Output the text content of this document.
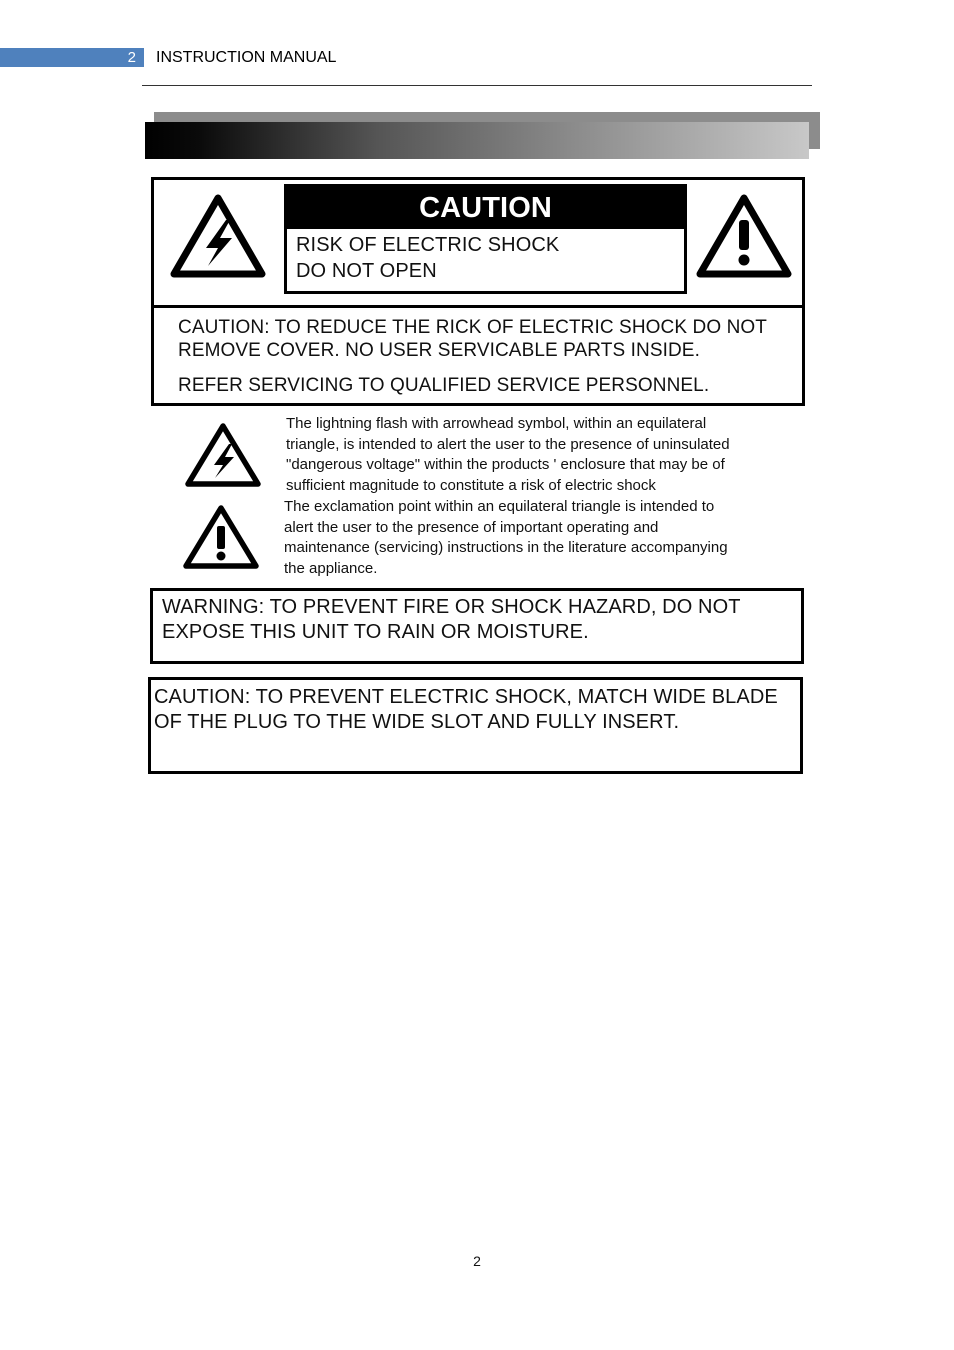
2 INSTRUCTION MANUAL
CAUTION
RISK OF ELECTRIC SHOCK
DO NOT OPEN

CAUTION: TO REDUCE THE RICK OF ELECTRIC SHOCK DO NOT

REMOVE COVER. NO USER SERVICABLE PARTS INSIDE.

REFER SERVICING TO QUALIFIED SERVICE PERSONNEL.

The lightning flash with arrowhead symbol, within an equilateral
triangle, is intended to alert the user to the presence of uninsulated
"dangerous voltage" within the products ' enclosure that may be of
sufficient magnitude to constitute a risk of electric shock
The exclamation point within an equilateral triangle is intended to
alert the user to the presence of important operating and
maintenance (servicing) instructions in the literature accompanying
the appliance.

WARNING: TO PREVENT FIRE OR SHOCK HAZARD, DO NOT

EXPOSE THIS UNIT TO RAIN OR MOISTURE.

CAUTION: TO PREVENT ELECTRIC SHOCK, MATCH WIDE BLADE

OF THE PLUG TO THE WIDE SLOT AND FULLY INSERT.

2
